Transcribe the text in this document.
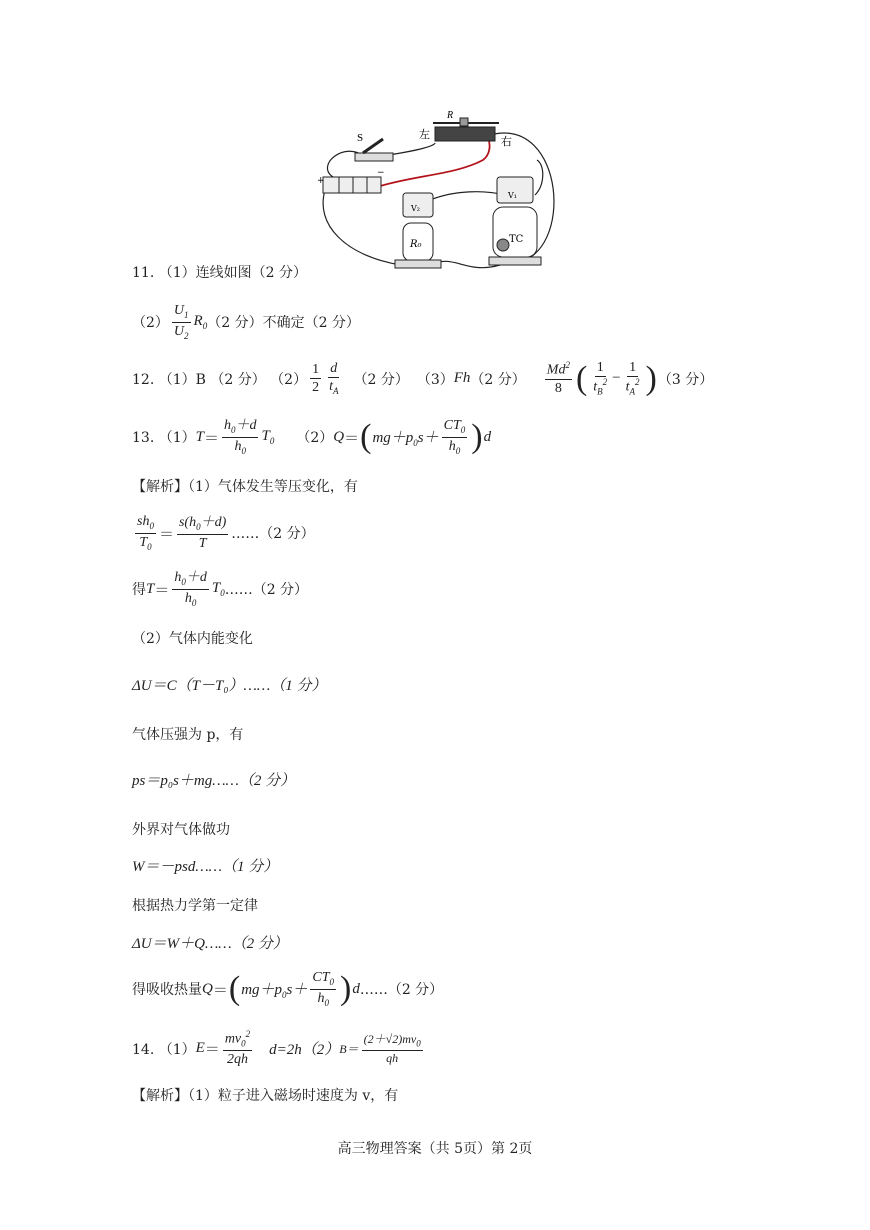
S
+
−
R
左
右
V₂
R₀
V₁
TC
11. （1）连线如图（2 分）
$(2) \frac{U_1}{U_2} R_0$ （2 分）不确定（2 分）
12. （1）B （2 分） $(2) \frac{1}{2} \frac{d}{t_A} (2$ 分） （3） Fh （2 分） $\frac{Md^2}{8}$ ( $\frac{1}{t_B^2} - \frac{1}{t_A^2}$ ) （3 分）
13. （1） $T = \frac{h_0+d}{h_0} T_0$ （2） Q ＝ ( $mg+p_0s+ \frac{CT_0}{h_0}$ ) d
【解析】（1）气体发生等压变化，有
$\frac{sh_0}{T_0} = \frac{s(h_0+d)}{T}$ ……（2 分）
得 $T = \frac{h_0+d}{h_0} T_0$ ……（2 分）
（2）气体内能变化
ΔU＝C（T－T₀）……（1 分）
气体压强为 p，有
ps＝p₀s＋mg……（2 分）
外界对气体做功
W＝－psd……（1 分）
根据热力学第一定律
ΔU＝W＋Q……（2 分）
得吸收热量 Q ＝ ( $mg+p_0s+ \frac{CT_0}{h_0}$ ) d ……（2 分）
14. （1） $E = \frac{mv_0^2}{2qh} d=2h(2)$ $B= \frac{(2+√2)mv_0}{qh}$
【解析】（1）粒子进入磁场时速度为 v，有
高三物理答案（共 5页）第 2页
